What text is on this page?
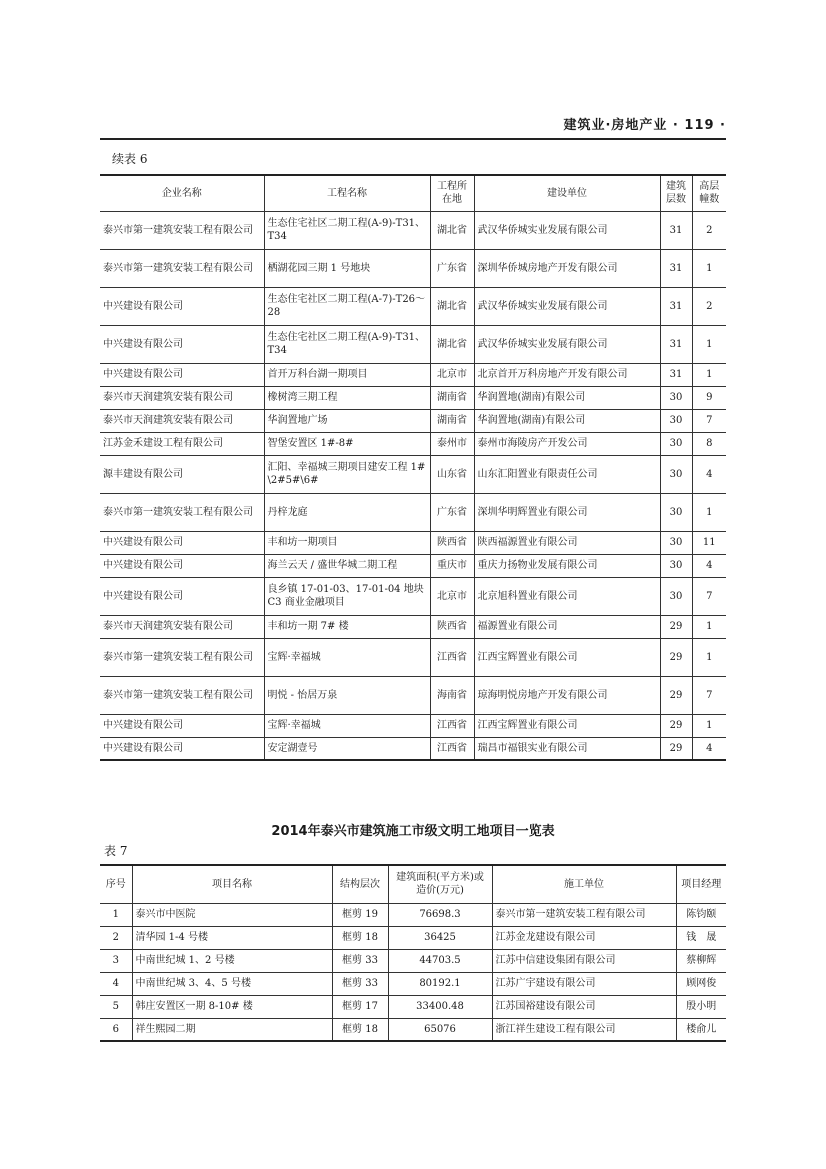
建筑业·房地产业 · 119 ·
续表 6
企业名称	工程名称	工程所在地	建设单位	建筑层数	高层幢数
泰兴市第一建筑安装工程有限公司	生态住宅社区二期工程(A-9)-T31、T34	湖北省	武汉华侨城实业发展有限公司	31	2
泰兴市第一建筑安装工程有限公司	栖湖花园三期 1 号地块	广东省	深圳华侨城房地产开发有限公司	31	1
中兴建设有限公司	生态住宅社区二期工程(A-7)-T26～28	湖北省	武汉华侨城实业发展有限公司	31	2
中兴建设有限公司	生态住宅社区二期工程(A-9)-T31、T34	湖北省	武汉华侨城实业发展有限公司	31	1
中兴建设有限公司	首开万科台湖一期项目	北京市	北京首开万科房地产开发有限公司	31	1
泰兴市天润建筑安装有限公司	橡树湾三期工程	湖南省	华润置地(湖南)有限公司	30	9
泰兴市天润建筑安装有限公司	华润置地广场	湖南省	华润置地(湖南)有限公司	30	7
江苏金禾建设工程有限公司	智堡安置区 1#-8#	泰州市	泰州市海陵房产开发公司	30	8
源丰建设有限公司	汇阳、幸福城三期项目建安工程 1#\2#5#\6#	山东省	山东汇阳置业有限责任公司	30	4
泰兴市第一建筑安装工程有限公司	丹梓龙庭	广东省	深圳华明辉置业有限公司	30	1
中兴建设有限公司	丰和坊一期项目	陕西省	陕西福源置业有限公司	30	11
中兴建设有限公司	海兰云天 / 盛世华城二期工程	重庆市	重庆力扬物业发展有限公司	30	4
中兴建设有限公司	良乡镇 17-01-03、17-01-04 地块 C3 商业金融项目	北京市	北京旭科置业有限公司	30	7
泰兴市天润建筑安装有限公司	丰和坊一期 7# 楼	陕西省	福源置业有限公司	29	1
泰兴市第一建筑安装工程有限公司	宝辉·幸福城	江西省	江西宝辉置业有限公司	29	1
泰兴市第一建筑安装工程有限公司	明悦 - 怡居万泉	海南省	琼海明悦房地产开发有限公司	29	7
中兴建设有限公司	宝辉·幸福城	江西省	江西宝辉置业有限公司	29	1
中兴建设有限公司	安定湖壹号	江西省	瑞昌市福银实业有限公司	29	4
2014年泰兴市建筑施工市级文明工地项目一览表
表 7
序号	项目名称	结构层次	建筑面积(平方米)或造价(万元)	施工单位	项目经理
1	泰兴市中医院	框剪 19	76698.3	泰兴市第一建筑安装工程有限公司	陈钧颐
2	清华园 1-4 号楼	框剪 18	36425	江苏金龙建设有限公司	钱　晟
3	中南世纪城 1、2 号楼	框剪 33	44703.5	江苏中信建设集团有限公司	蔡柳辉
4	中南世纪城 3、4、5 号楼	框剪 33	80192.1	江苏广宇建设有限公司	顾网俊
5	韩庄安置区一期 8-10# 楼	框剪 17	33400.48	江苏国裕建设有限公司	殷小明
6	祥生熙园二期	框剪 18	65076	浙江祥生建设工程有限公司	楼俞儿
